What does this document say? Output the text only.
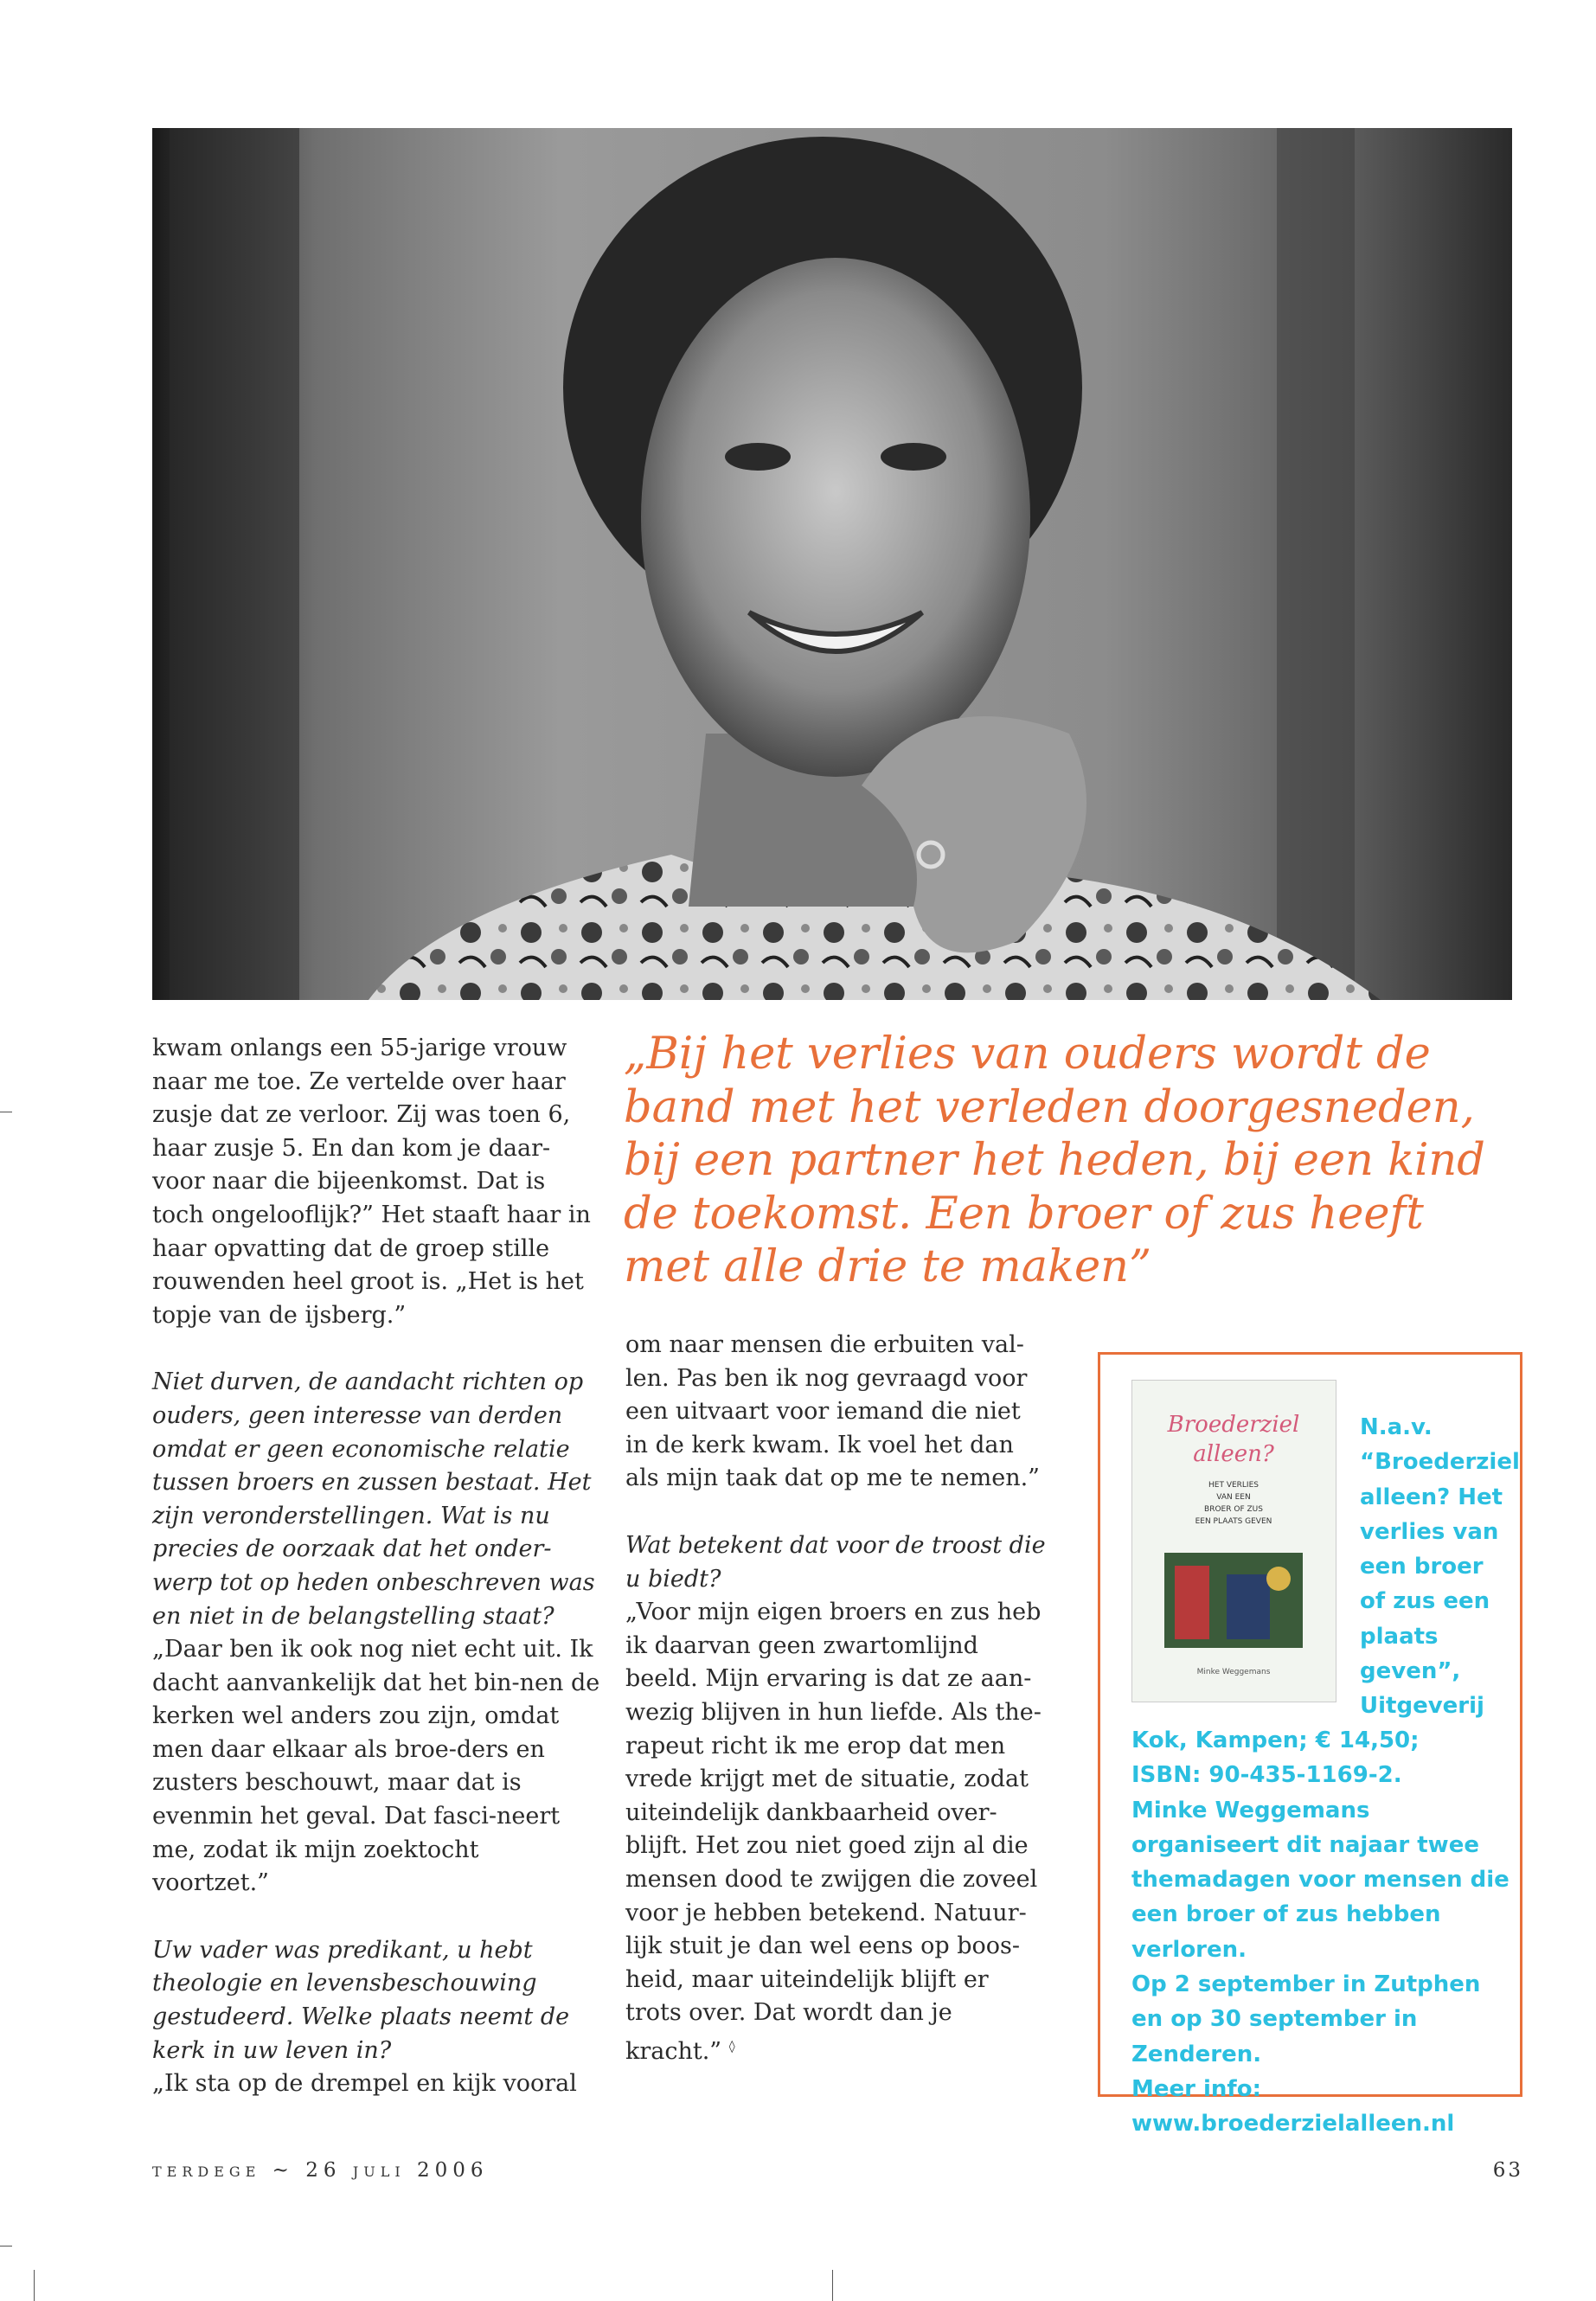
kwam onlangs een 55-jarige vrouw naar me toe. Ze vertelde over haar zusje dat ze verloor. Zij was toen 6, haar zusje 5. En dan kom je daar-voor naar die bijeenkomst. Dat is toch ongelooflijk?” Het staaft haar in haar opvatting dat de groep stille rouwenden heel groot is. „Het is het topje van de ijsberg.”

Niet durven, de aandacht richten op ouders, geen interesse van derden omdat er geen economische relatie tussen broers en zussen bestaat. Het zijn veronderstellingen. Wat is nu precies de oorzaak dat het onder-werp tot op heden onbeschreven was en niet in de belangstelling staat?

„Daar ben ik ook nog niet echt uit. Ik dacht aanvankelijk dat het bin-nen de kerken wel anders zou zijn, omdat men daar elkaar als broe-ders en zusters beschouwt, maar dat is evenmin het geval. Dat fasci-neert me, zodat ik mijn zoektocht voortzet.”

Uw vader was predikant, u hebt theologie en levensbeschouwing gestudeerd. Welke plaats neemt de kerk in uw leven in?

„Ik sta op de drempel en kijk vooral

„Bij het verlies van ouders wordt de band met het verleden doorgesneden, bij een partner het heden, bij een kind de toekomst. Een broer of zus heeft met alle drie te maken”

om naar mensen die erbuiten val-len. Pas ben ik nog gevraagd voor een uitvaart voor iemand die niet in de kerk kwam. Ik voel het dan als mijn taak dat op me te nemen.”

Wat betekent dat voor de troost die u biedt?

„Voor mijn eigen broers en zus heb ik daarvan geen zwartomlijnd beeld. Mijn ervaring is dat ze aan-wezig blijven in hun liefde. Als the-rapeut richt ik me erop dat men vrede krijgt met de situatie, zodat uiteindelijk dankbaarheid over-blijft. Het zou niet goed zijn al die mensen dood te zwijgen die zoveel voor je hebben betekend. Natuur-lijk stuit je dan wel eens op boos-heid, maar uiteindelijk blijft er trots over. Dat wordt dan je kracht.” ◊

Broederziel
alleen?
HET VERLIES
VAN EEN
BROER OF ZUS
EEN PLAATS GEVEN
Minke Weggemans
N.a.v. “Broederziel alleen? Het verlies van een broer of zus een plaats geven”, Uitgeverij

Kok, Kampen; € 14,50;

ISBN: 90-435-1169-2.

Minke Weggemans organiseert dit najaar twee themadagen voor mensen die een broer of zus hebben verloren.

Op 2 september in Zutphen en op 30 september in Zenderen.

Meer info:

www.broederzielalleen.nl

terdege ~ 26 juli 2006	63
